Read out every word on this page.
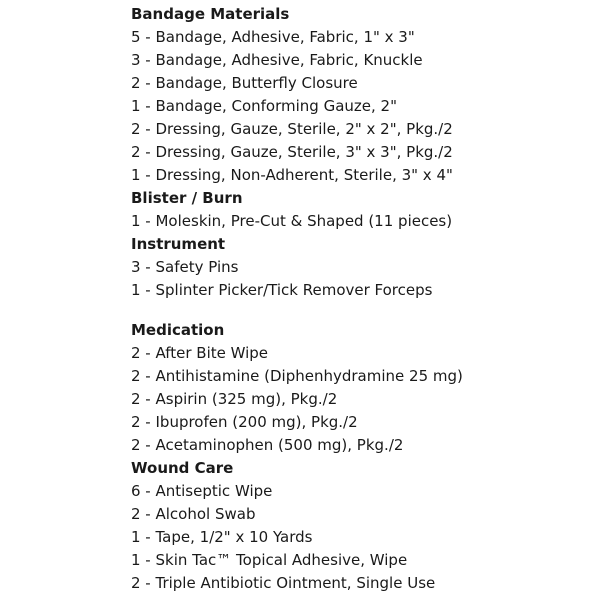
Bandage Materials
5 - Bandage, Adhesive, Fabric, 1" x 3"
3 - Bandage, Adhesive, Fabric, Knuckle
2 - Bandage, Butterfly Closure
1 - Bandage, Conforming Gauze, 2"
2 - Dressing, Gauze, Sterile, 2" x 2", Pkg./2
2 - Dressing, Gauze, Sterile, 3" x 3", Pkg./2
1 - Dressing, Non-Adherent, Sterile, 3" x 4"
Blister / Burn
1 - Moleskin, Pre-Cut & Shaped (11 pieces)
Instrument
3 - Safety Pins
1 - Splinter Picker/Tick Remover Forceps
Medication
2 - After Bite Wipe
2 - Antihistamine (Diphenhydramine 25 mg)
2 - Aspirin (325 mg), Pkg./2
2 - Ibuprofen (200 mg), Pkg./2
2 - Acetaminophen (500 mg), Pkg./2
Wound Care
6 - Antiseptic Wipe
2 - Alcohol Swab
1 - Tape, 1/2" x 10 Yards
1 - Skin Tac™ Topical Adhesive, Wipe
2 - Triple Antibiotic Ointment, Single Use
